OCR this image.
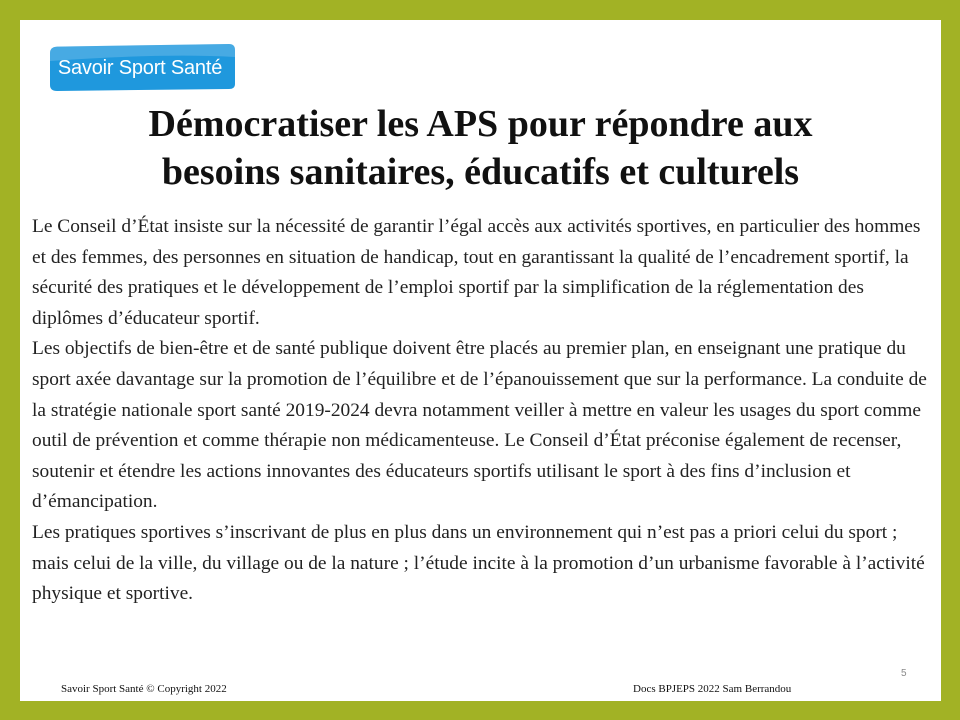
Savoir Sport Santé
Démocratiser les APS pour répondre aux
besoins sanitaires, éducatifs et culturels

Le Conseil d’État insiste sur la nécessité de garantir l’égal accès aux activités sportives, en particulier des hommes et des femmes, des personnes en situation de handicap, tout en garantissant la qualité de l’encadrement sportif, la sécurité des pratiques et le développement de l’emploi sportif par la simplification de la réglementation des diplômes d’éducateur sportif.

Les objectifs de bien-être et de santé publique doivent être placés au premier plan, en enseignant une pratique du sport axée davantage sur la promotion de l’équilibre et de l’épanouissement que sur la performance. La conduite de la stratégie nationale sport santé 2019-2024 devra notamment veiller à mettre en valeur les usages du sport comme outil de prévention et comme thérapie non médicamenteuse. Le Conseil d’État préconise également de recenser, soutenir et étendre les actions innovantes des éducateurs sportifs utilisant le sport à des fins d’inclusion et d’émancipation.

Les pratiques sportives s’inscrivant de plus en plus dans un environnement qui n’est pas a priori celui du sport ; mais celui de la ville, du village ou de la nature ; l’étude incite à la promotion d’un urbanisme favorable à l’activité physique et sportive.

5
Savoir Sport Santé © Copyright 2022	Docs BPJEPS 2022 Sam Berrandou
